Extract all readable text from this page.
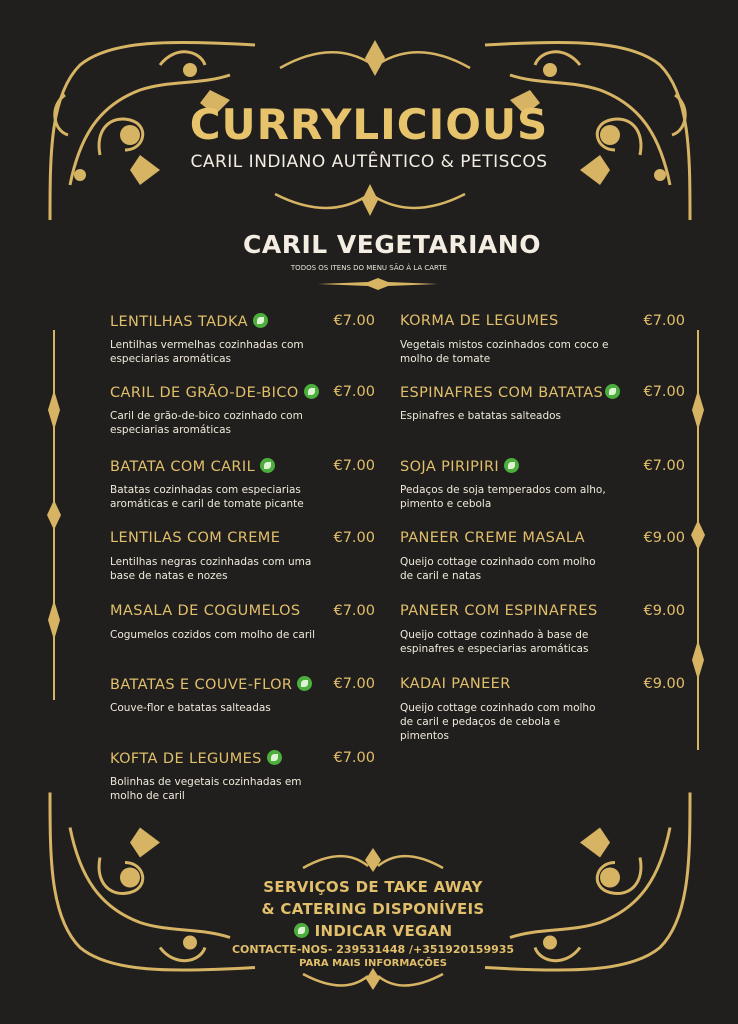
CURRYLICIOUS
CARIL INDIANO AUTÊNTICO & PETISCOS
CARIL VEGETARIANO
TODOS OS ITENS DO MENU SÃO À LA CARTE
LENTILHAS TADKA	€7.00
Lentilhas vermelhas cozinhadas com especiarias aromáticas
CARIL DE GRÃO-DE-BICO	€7.00
Caril de grão-de-bico cozinhado com especiarias aromáticas
BATATA COM CARIL	€7.00
Batatas cozinhadas com especiarias aromáticas e caril de tomate picante
LENTILAS COM CREME	€7.00
Lentilhas negras cozinhadas com uma base de natas e nozes
MASALA DE COGUMELOS €7.00
Cogumelos cozidos com molho de caril
BATATAS E COUVE-FLOR	€7.00
Couve-flor e batatas salteadas
KOFTA DE LEGUMES	€7.00
Bolinhas de vegetais cozinhadas em molho de caril
KORMA DE LEGUMES	€7.00
Vegetais mistos cozinhados com coco e molho de tomate
ESPINAFRES COM BATATAS	€7.00
Espinafres e batatas salteados
SOJA PIRIPIRI	€7.00
Pedaços de soja temperados com alho, pimento e cebola
PANEER CREME MASALA	€9.00
Queijo cottage cozinhado com molho de caril e natas
PANEER COM ESPINAFRES	€9.00
Queijo cottage cozinhado à base de espinafres e especiarias aromáticas
KADAI PANEER	€9.00
Queijo cottage cozinhado com molho de caril e pedaços de cebola e pimentos
SERVIÇOS DE TAKE AWAY
& CATERING DISPONÍVEIS
INDICAR VEGAN
CONTACTE-NOS- 239531448 /+351920159935
PARA MAIS INFORMAÇÕES
